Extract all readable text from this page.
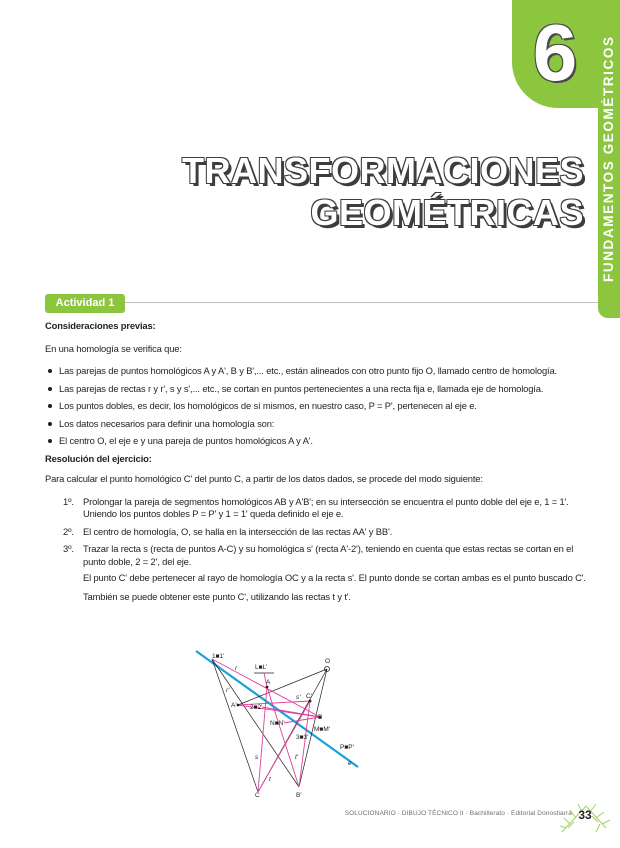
6	FUNDAMENTOS GEOMÉTRICOS
TRANSFORMACIONES
GEOMÉTRICAS
Actividad 1
Consideraciones previas:
En una homología se verifica que:
Las parejas de puntos homológicos A y A', B y B',... etc., están alineados con otro punto fijo O, llamado centro de homología.
Las parejas de rectas r y r', s y s',... etc., se cortan en puntos pertenecientes a una recta fija e, llamada eje de homología.
Los puntos dobles, es decir, los homológicos de sí mismos, en nuestro caso, P = P', pertenecen al eje e.
Los datos necesarios para definir una homología son:
El centro O, el eje e y una pareja de puntos homológicos A y A'.
Resolución del ejercicio:
Para calcular el punto homológico C' del punto C, a partir de los datos dados, se procede del modo siguiente:
1º. Prolongar la pareja de segmentos homológicos AB y A'B'; en su intersección se encuentra el punto doble del eje e, 1 = 1'. Uniendo los puntos dobles P = P' y 1 = 1' queda definido el eje e.
2º. El centro de homología, O, se halla en la intersección de las rectas AA' y BB'.
3º. Trazar la recta s (recta de puntos A-C) y su homológica s' (recta A'-2'), teniendo en cuenta que estas rectas se cortan en el punto doble, 2 = 2', del eje.
El punto C' debe pertenecer al rayo de homología OC y a la recta s'. El punto donde se cortan ambas es el punto buscado C'.
También se puede obtener este punto C', utilizando las rectas t y t'.
1■1'
L■L'
O
r
r'
A
s' C'
A' 2■2'
B
N■N'
M■M'
3■3'
P■P'
e
s
t
t'
C	B'
SOLUCIONARIO · DIBUJO TÉCNICO II · Bachillerato · Editorial Donostiarra 33
